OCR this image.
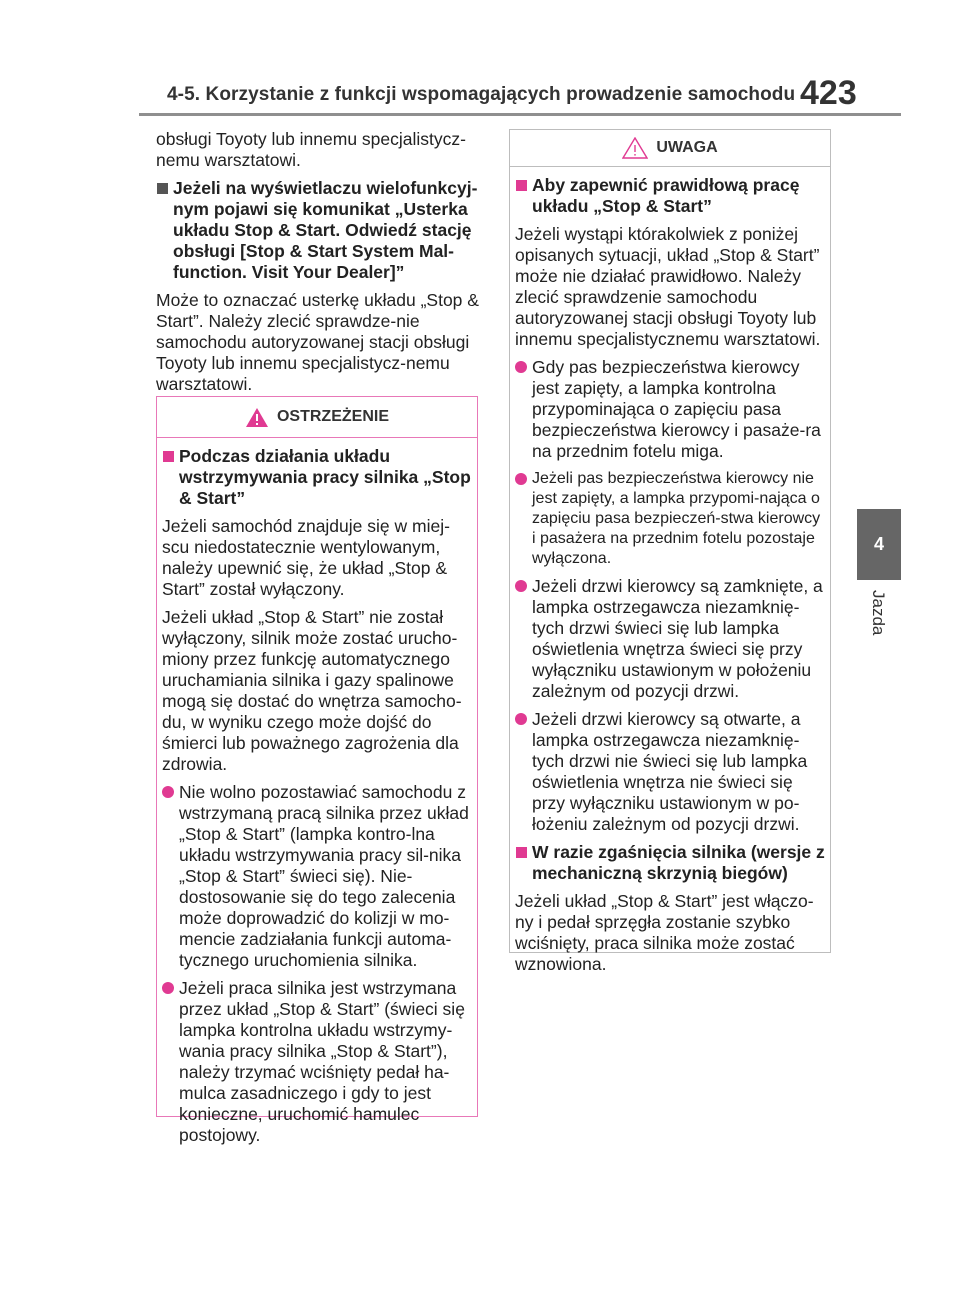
4-5. Korzystanie z funkcji wspomagających prowadzenie samochodu 423
4
Jazda

obsługi Toyoty lub innemu specjalistycz-nemu warsztatowi.

Jeżeli na wyświetlaczu wielofunkcyj-nym pojawi się komunikat „Usterka układu Stop & Start. Odwiedź stację obsługi [Stop & Start System Mal-function. Visit Your Dealer]”

Może to oznaczać usterkę układu „Stop & Start”. Należy zlecić sprawdze-nie samochodu autoryzowanej stacji obsługi Toyoty lub innemu specjalistycz-nemu warsztatowi.

OSTRZEŻENIE
Podczas działania układu wstrzymywania pracy silnika „Stop & Start”

Jeżeli samochód znajduje się w miej-scu niedostatecznie wentylowanym, należy upewnić się, że układ „Stop & Start” został wyłączony.

Jeżeli układ „Stop & Start” nie został wyłączony, silnik może zostać urucho-miony przez funkcję automatycznego uruchamiania silnika i gazy spalinowe mogą się dostać do wnętrza samocho-du, w wyniku czego może dojść do śmierci lub poważnego zagrożenia dla zdrowia.

Nie wolno pozostawiać samochodu z wstrzymaną pracą silnika przez układ „Stop & Start” (lampka kontro-lna układu wstrzymywania pracy sil-nika „Stop & Start” świeci się). Nie-dostosowanie się do tego zalecenia może doprowadzić do kolizji w mo-mencie zadziałania funkcji automa-tycznego uruchomienia silnika.
Jeżeli praca silnika jest wstrzymana przez układ „Stop & Start” (świeci się lampka kontrolna układu wstrzymy-wania pracy silnika „Stop & Start”), należy trzymać wciśnięty pedał ha-mulca zasadniczego i gdy to jest konieczne, uruchomić hamulec postojowy.
UWAGA
Aby zapewnić prawidłową pracę układu „Stop & Start”

Jeżeli wystąpi którakolwiek z poniżej opisanych sytuacji, układ „Stop & Start” może nie działać prawidłowo. Należy zlecić sprawdzenie samochodu autoryzowanej stacji obsługi Toyoty lub innemu specjalistycznemu warsztatowi.

Gdy pas bezpieczeństwa kierowcy jest zapięty, a lampka kontrolna przypominająca o zapięciu pasa bezpieczeństwa kierowcy i pasaże-ra na przednim fotelu miga.
Jeżeli pas bezpieczeństwa kierowcy nie jest zapięty, a lampka przypomi-nająca o zapięciu pasa bezpieczeń-stwa kierowcy i pasażera na przednim fotelu pozostaje wyłączona.
Jeżeli drzwi kierowcy są zamknięte, a lampka ostrzegawcza niezamknię-tych drzwi świeci się lub lampka oświetlenia wnętrza świeci się przy wyłączniku ustawionym w położeniu zależnym od pozycji drzwi.
Jeżeli drzwi kierowcy są otwarte, a lampka ostrzegawcza niezamknię-tych drzwi nie świeci się lub lampka oświetlenia wnętrza nie świeci się przy wyłączniku ustawionym w po-łożeniu zależnym od pozycji drzwi.
W razie zgaśnięcia silnika (wersje z mechaniczną skrzynią biegów)

Jeżeli układ „Stop & Start” jest włączo-ny i pedał sprzęgła zostanie szybko wciśnięty, praca silnika może zostać wznowiona.
